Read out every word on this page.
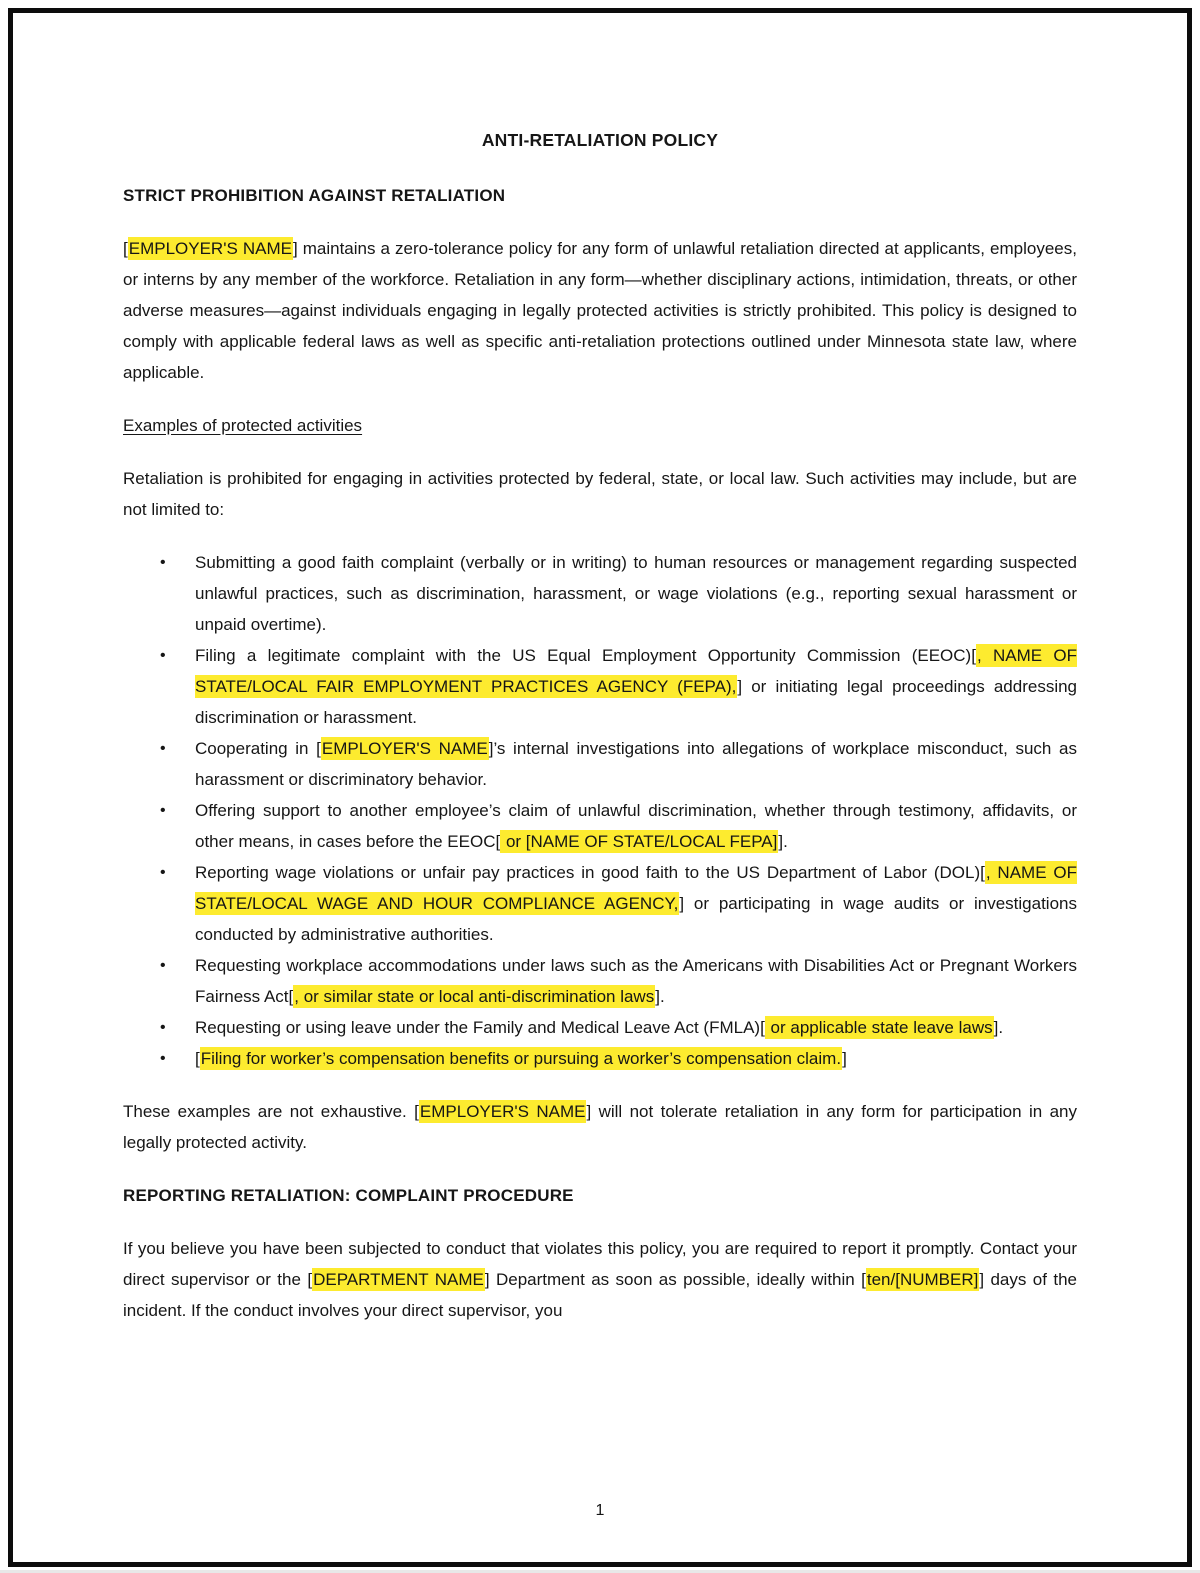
ANTI-RETALIATION POLICY
STRICT PROHIBITION AGAINST RETALIATION

[EMPLOYER'S NAME] maintains a zero-tolerance policy for any form of unlawful retaliation directed at applicants, employees, or interns by any member of the workforce. Retaliation in any form—whether disciplinary actions, intimidation, threats, or other adverse measures—against individuals engaging in legally protected activities is strictly prohibited. This policy is designed to comply with applicable federal laws as well as specific anti-retaliation protections outlined under Minnesota state law, where applicable.

Examples of protected activities

Retaliation is prohibited for engaging in activities protected by federal, state, or local law. Such activities may include, but are not limited to:

• Submitting a good faith complaint (verbally or in writing) to human resources or management regarding suspected unlawful practices, such as discrimination, harassment, or wage violations (e.g., reporting sexual harassment or unpaid overtime).
• Filing a legitimate complaint with the US Equal Employment Opportunity Commission (EEOC)[, NAME OF STATE/LOCAL FAIR EMPLOYMENT PRACTICES AGENCY (FEPA),] or initiating legal proceedings addressing discrimination or harassment.
• Cooperating in [EMPLOYER'S NAME]’s internal investigations into allegations of workplace misconduct, such as harassment or discriminatory behavior.
• Offering support to another employee’s claim of unlawful discrimination, whether through testimony, affidavits, or other means, in cases before the EEOC[ or [NAME OF STATE/LOCAL FEPA]].
• Reporting wage violations or unfair pay practices in good faith to the US Department of Labor (DOL)[, NAME OF STATE/LOCAL WAGE AND HOUR COMPLIANCE AGENCY,] or participating in wage audits or investigations conducted by administrative authorities.
• Requesting workplace accommodations under laws such as the Americans with Disabilities Act or Pregnant Workers Fairness Act[, or similar state or local anti-discrimination laws].
• Requesting or using leave under the Family and Medical Leave Act (FMLA)[ or applicable state leave laws].
• [Filing for worker’s compensation benefits or pursuing a worker’s compensation claim.]

These examples are not exhaustive. [EMPLOYER'S NAME] will not tolerate retaliation in any form for participation in any legally protected activity.

REPORTING RETALIATION: COMPLAINT PROCEDURE

If you believe you have been subjected to conduct that violates this policy, you are required to report it promptly. Contact your direct supervisor or the [DEPARTMENT NAME] Department as soon as possible, ideally within [ten/[NUMBER]] days of the incident. If the conduct involves your direct supervisor, you

1
